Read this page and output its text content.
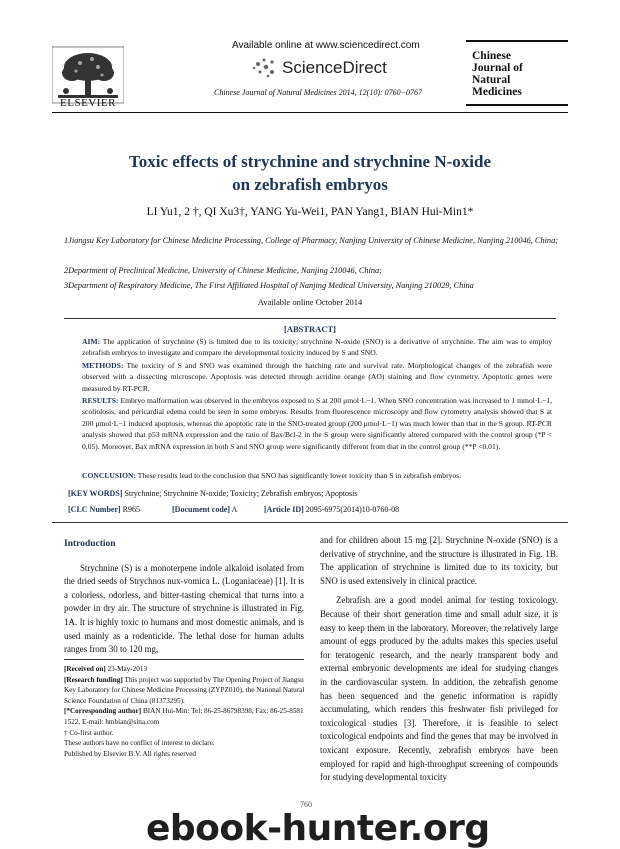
ELSEVIER
Available online at www.sciencedirect.com
ScienceDirect
Chinese Journal of Natural Medicines 2014, 12(10): 0760−0767
Chinese
Journal of
Natural
Medicines
Toxic effects of strychnine and strychnine N-oxide
on zebrafish embryos
LI Yu1, 2 †, QI Xu3†, YANG Yu-Wei1, PAN Yang1, BIAN Hui-Min1*
1Jiangsu Key Laboratory for Chinese Medicine Processing, College of Pharmacy, Nanjing University of Chinese Medicine, Nanjing 210046, China;
2Department of Preclinical Medicine, University of Chinese Medicine, Nanjing 210046, China;
3Department of Respiratory Medicine, The First Affiliated Hospital of Nanjing Medical University, Nanjing 210029, China
Available online October 2014
[ABSTRACT]
AIM: The application of strychnine (S) is limited due to its toxicity; strychnine N-oxide (SNO) is a derivative of strychnine. The aim was to employ zebrafish embryos to investigate and compare the developmental toxicity induced by S and SNO.
METHODS: The toxicity of S and SNO was examined through the hatching rate and survival rate. Morphological changes of the zebrafish were observed with a dissecting microscope. Apoptosis was detected through acridine orange (AO) staining and flow cytometry. Apoptotic genes were measured by RT-PCR.
RESULTS: Embryo malformation was observed in the embryos exposed to S at 200 μmol·L−1. When SNO concentration was increased to 1 mmol·L−1, scoliolosis, and pericardial edema could be seen in some embryos. Results from fluorescence microscopy and flow cytometry analysis showed that S at 200 μmol·L−1 induced apoptosis, whereas the apoptotic rate in the SNO-treated group (200 μmol·L−1) was much lower than that in the S group. RT-PCR analysis showed that p53 mRNA expression and the ratio of Bax/Bcl-2 in the S group were significantly altered compared with the control group (*P < 0.05). Moreover, Bax mRNA expression in both S and SNO group were significantly different from that in the control group (**P <0.01).
CONCLUSION: These results lead to the conclusion that SNO has significantly lower toxicity than S in zebrafish embryos.
[KEY WORDS] Strychnine; Strychnine N-oxide; Toxicity; Zebrafish embryos; Apoptosis
[CLC Number] R965	[Document code] A	[Article ID] 2095-6975(2014)10-0760-08
Introduction

Strychnine (S) is a monoterpene indole alkaloid isolated from the dried seeds of Strychnos nux-vomica L. (Loganiaceae) [1]. It is a colorless, odorless, and bitter-tasting chemical that turns into a powder in dry air. The structure of strychnine is illustrated in Fig. 1A. It is highly toxic to humans and most domestic animals, and is used mainly as a rodenticide. The lethal dose for human adults ranges from 30 to 120 mg,

and for children about 15 mg [2]. Strychnine N-oxide (SNO) is a derivative of strychnine, and the structure is illustrated in Fig. 1B. The application of strychnine is limited due to its toxicity, but SNO is used extensively in clinical practice.

Zebrafish are a good model animal for testing toxicology. Because of their short generation time and small adult size, it is easy to keep them in the laboratory. Moreover, the relatively large amount of eggs produced by the adults makes this species useful for teratogenic research, and the nearly transparent body and external embryonic developments are ideal for studying changes in the cardiovascular system. In addition, the zebrafish genome has been sequenced and the genetic information is rapidly accumulating, which renders this freshwater fish privileged for toxicological studies [3]. Therefore, it is feasible to select toxicological endpoints and find the genes that may be involved in toxicant exposure. Recently, zebrafish embryos have been employed for rapid and high-throughput screening of compounds for studying developmental toxicity

[Received on] 23-May-2013
[Research funding] This project was supported by The Opening Project of Jiangsu Key Laboratory for Chinese Medicine Processing (ZYPZ010), the National Natural Science Foundation of China (81373295).
[*Corresponding author] BIAN Hui-Min: Tel: 86-25-86798398, Fax: 86-25-8581 1522, E-mail: hmbian@sina.com
† Co-first author.
These authors have no conflict of interest to declare.
Published by Elsevier B.V. All rights reserved
760
ebook-hunter.org
